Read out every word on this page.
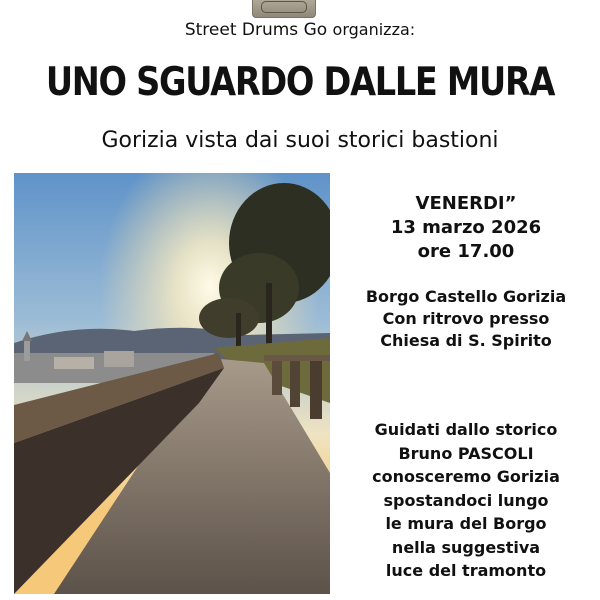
Street Drums Go organizza:
UNO SGUARDO DALLE MURA
Gorizia vista dai suoi storici bastioni
VENERDI”
13 marzo 2026
ore 17.00
Borgo Castello Gorizia
Con ritrovo presso
Chiesa di S. Spirito
Guidati dallo storico
Bruno PASCOLI
conosceremo Gorizia
spostandoci lungo
le mura del Borgo
nella suggestiva
luce del tramonto
